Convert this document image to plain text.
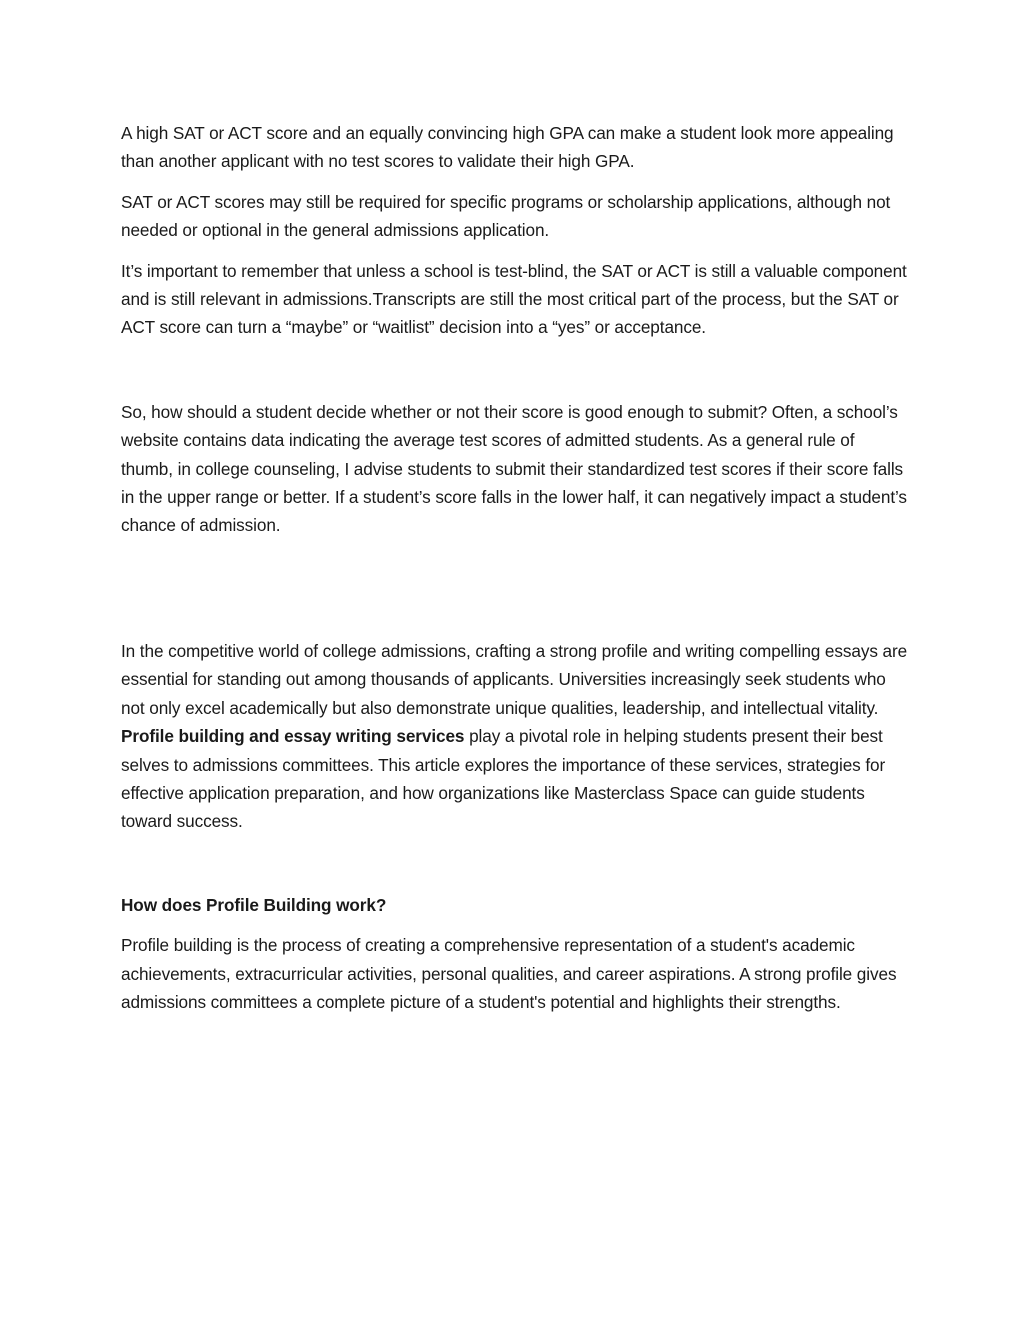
A high SAT or ACT score and an equally convincing high GPA can make a student look more appealing than another applicant with no test scores to validate their high GPA.

SAT or ACT scores may still be required for specific programs or scholarship applications, although not needed or optional in the general admissions application.

It’s important to remember that unless a school is test-blind, the SAT or ACT is still a valuable component and is still relevant in admissions.Transcripts are still the most critical part of the process, but the SAT or ACT score can turn a “maybe” or “waitlist” decision into a “yes” or acceptance.

So, how should a student decide whether or not their score is good enough to submit? Often, a school’s website contains data indicating the average test scores of admitted students. As a general rule of thumb, in college counseling, I advise students to submit their standardized test scores if their score falls in the upper range or better. If a student’s score falls in the lower half, it can negatively impact a student’s chance of admission.

In the competitive world of college admissions, crafting a strong profile and writing compelling essays are essential for standing out among thousands of applicants. Universities increasingly seek students who not only excel academically but also demonstrate unique qualities, leadership, and intellectual vitality. Profile building and essay writing services play a pivotal role in helping students present their best selves to admissions committees. This article explores the importance of these services, strategies for effective application preparation, and how organizations like Masterclass Space can guide students toward success.

How does Profile Building work?

Profile building is the process of creating a comprehensive representation of a student's academic achievements, extracurricular activities, personal qualities, and career aspirations. A strong profile gives admissions committees a complete picture of a student's potential and highlights their strengths.
